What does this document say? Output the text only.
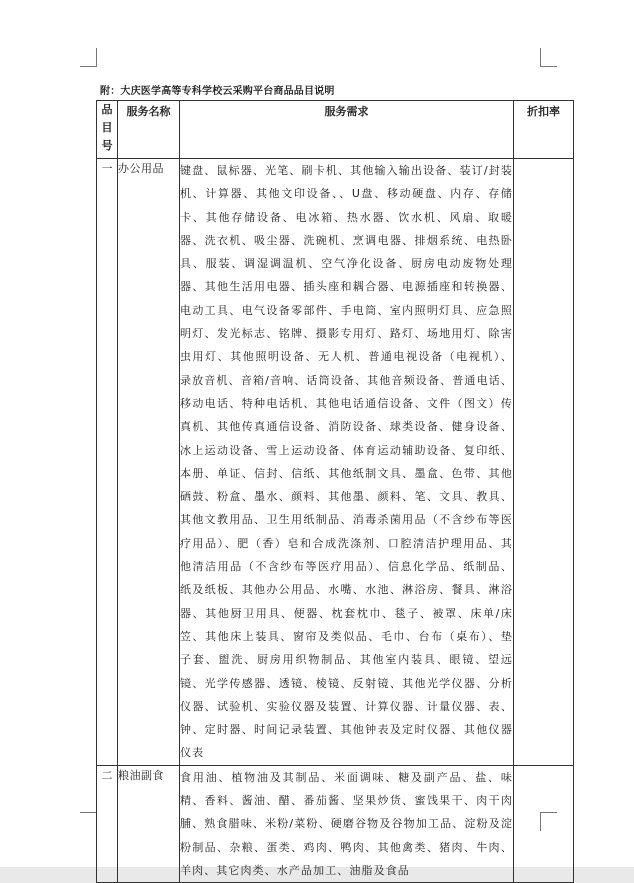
附：大庆医学高等专科学校云采购平台商品品目说明
品
目
号	服务名称	服务需求	折扣率
一	办公用品	键盘、鼠标器、光笔、刷卡机、其他输入输出设备、装订/封装机、计算器、其他文印设备、、U盘、移动硬盘、内存、存储卡、其他存储设备、电冰箱、热水器、饮水机、风扇、取暖器、洗衣机、吸尘器、洗碗机、烹调电器、排烟系统、电热卧具、服装、调湿调温机、空气净化设备、厨房电动废物处理器、其他生活用电器、插头座和耦合器、电源插座和转换器、电动工具、电气设备零部件、手电筒、室内照明灯具、应急照明灯、发光标志、铭牌、摄影专用灯、路灯、场地用灯、除害虫用灯、其他照明设备、无人机、普通电视设备（电视机）、录放音机、音箱/音响、话筒设备、其他音频设备、普通电话、移动电话、特种电话机、其他电话通信设备、文件（图文）传真机、其他传真通信设备、消防设备、球类设备、健身设备、冰上运动设备、雪上运动设备、体育运动辅助设备、复印纸、本册、单证、信封、信纸、其他纸制文具、墨盒、色带、其他硒鼓、粉盒、墨水、颜料、其他墨、颜料、笔、文具、教具、其他文教用品、卫生用纸制品、消毒杀菌用品（不含纱布等医疗用品）、肥（香）皂和合成洗涤剂、口腔清洁护理用品、其他清洁用品（不含纱布等医疗用品）、信息化学品、纸制品、纸及纸板、其他办公用品、水嘴、水池、淋浴房、餐具、淋浴器、其他厨卫用具、便器、枕套枕巾、毯子、被罩、床单/床笠、其他床上装具、窗帘及类似品、毛巾、台布（桌布）、垫子套、盥洗、厨房用织物制品、其他室内装具、眼镜、望远镜、光学传感器、透镜、棱镜、反射镜、其他光学仪器、分析仪器、试验机、实验仪器及装置、计算仪器、计量仪器、表、钟、定时器、时间记录装置、其他钟表及定时仪器、其他仪器仪表	
二	粮油副食	食用油、植物油及其制品、米面调味、糖及副产品、盐、味精、香料、酱油、醋、番茄酱、坚果炒货、蜜饯果干、肉干肉脯、熟食腊味、米粉/菜粉、硬磨谷物及谷物加工品、淀粉及淀粉制品、杂粮、蛋类、鸡肉、鸭肉、其他禽类、猪肉、牛肉、羊肉、其它肉类、水产品加工、油脂及食品	
